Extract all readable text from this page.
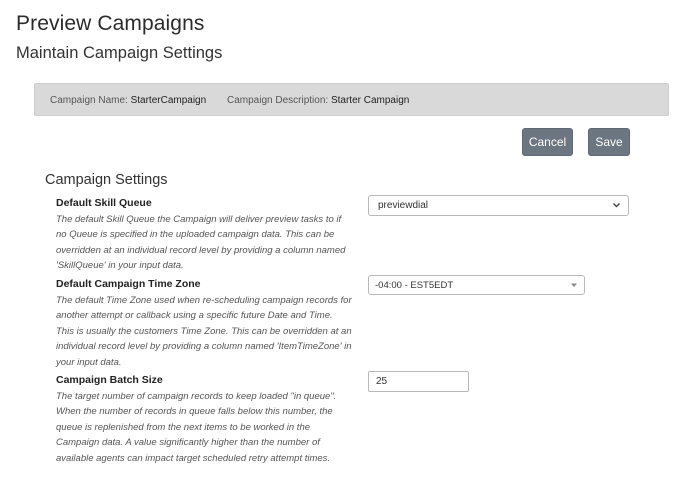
Preview Campaigns
Maintain Campaign Settings
Campaign Name: StarterCampaign Campaign Description: Starter Campaign
Cancel	Save
Campaign Settings
Default Skill Queue
The default Skill Queue the Campaign will deliver preview tasks to if no Queue is specified in the uploaded campaign data. This can be overridden at an individual record level by providing a column named 'SkillQueue' in your input data.
previewdial
Default Campaign Time Zone
The default Time Zone used when re-scheduling campaign records for another attempt or callback using a specific future Date and Time. This is usually the customers Time Zone. This can be overridden at an individual record level by providing a column named 'ItemTimeZone' in your input data.
-04:00 - EST5EDT
Campaign Batch Size
The target number of campaign records to keep loaded "in queue". When the number of records in queue falls below this number, the queue is replenished from the next items to be worked in the Campaign data. A value significantly higher than the number of available agents can impact target scheduled retry attempt times.
25
